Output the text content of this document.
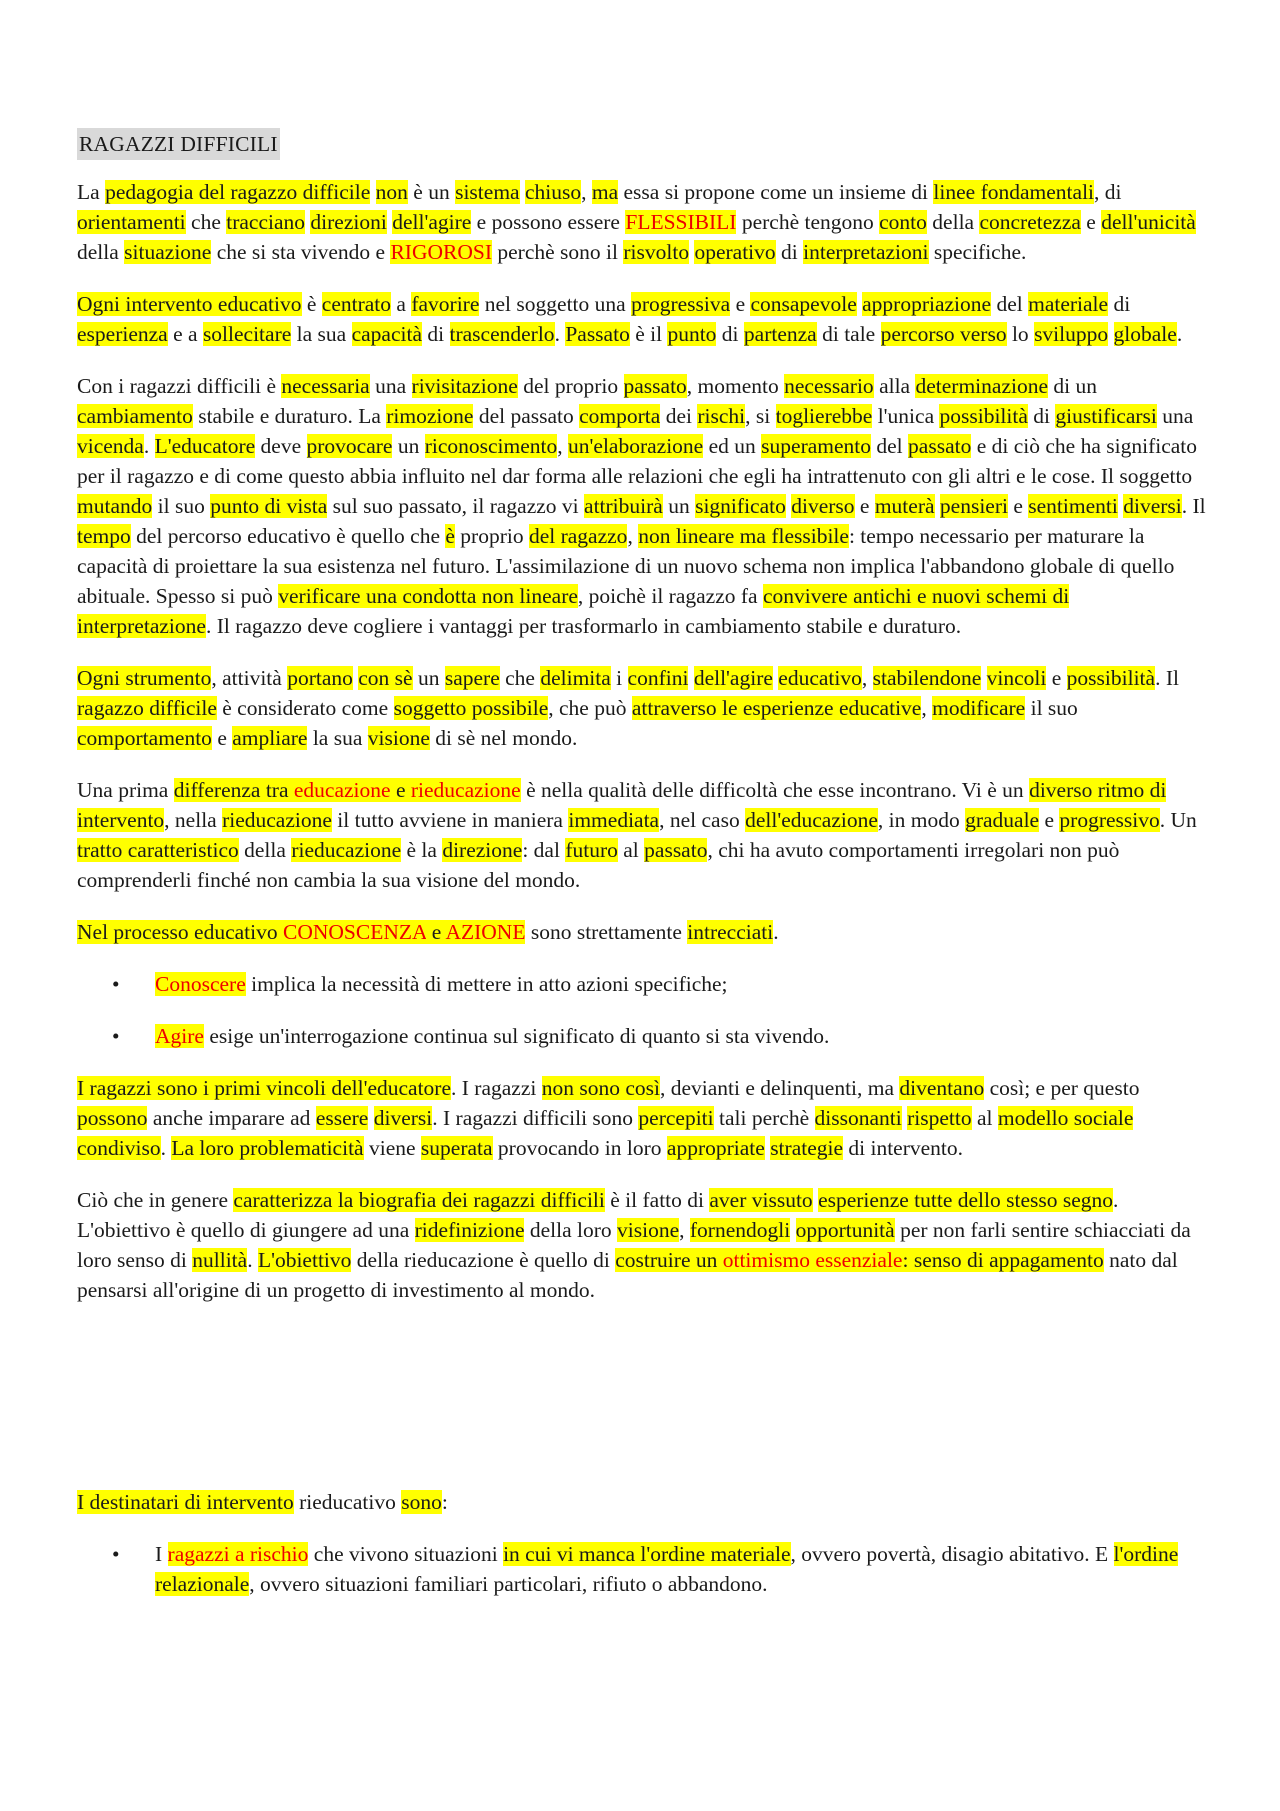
RAGAZZI DIFFICILI

La pedagogia del ragazzo difficile non è un sistema chiuso, ma essa si propone come un insieme di linee fondamentali, di orientamenti che tracciano direzioni dell'agire e possono essere FLESSIBILI perchè tengono conto della concretezza e dell'unicità della situazione che si sta vivendo e RIGOROSI perchè sono il risvolto operativo di interpretazioni specifiche.

Ogni intervento educativo è centrato a favorire nel soggetto una progressiva e consapevole appropriazione del materiale di esperienza e a sollecitare la sua capacità di trascenderlo. Passato è il punto di partenza di tale percorso verso lo sviluppo globale.

Con i ragazzi difficili è necessaria una rivisitazione del proprio passato, momento necessario alla determinazione di un cambiamento stabile e duraturo. La rimozione del passato comporta dei rischi, si toglierebbe l'unica possibilità di giustificarsi una vicenda. L'educatore deve provocare un riconoscimento, un'elaborazione ed un superamento del passato e di ciò che ha significato per il ragazzo e di come questo abbia influito nel dar forma alle relazioni che egli ha intrattenuto con gli altri e le cose. Il soggetto mutando il suo punto di vista sul suo passato, il ragazzo vi attribuirà un significato diverso e muterà pensieri e sentimenti diversi. Il tempo del percorso educativo è quello che è proprio del ragazzo, non lineare ma flessibile: tempo necessario per maturare la capacità di proiettare la sua esistenza nel futuro. L'assimilazione di un nuovo schema non implica l'abbandono globale di quello abituale. Spesso si può verificare una condotta non lineare, poichè il ragazzo fa convivere antichi e nuovi schemi di interpretazione. Il ragazzo deve cogliere i vantaggi per trasformarlo in cambiamento stabile e duraturo.

Ogni strumento, attività portano con sè un sapere che delimita i confini dell'agire educativo, stabilendone vincoli e possibilità. Il ragazzo difficile è considerato come soggetto possibile, che può attraverso le esperienze educative, modificare il suo comportamento e ampliare la sua visione di sè nel mondo.

Una prima differenza tra educazione e rieducazione è nella qualità delle difficoltà che esse incontrano. Vi è un diverso ritmo di intervento, nella rieducazione il tutto avviene in maniera immediata, nel caso dell'educazione, in modo graduale e progressivo. Un tratto caratteristico della rieducazione è la direzione: dal futuro al passato, chi ha avuto comportamenti irregolari non può comprenderli finché non cambia la sua visione del mondo.

Nel processo educativo CONOSCENZA e AZIONE sono strettamente intrecciati.

• Conoscere implica la necessità di mettere in atto azioni specifiche;
• Agire esige un'interrogazione continua sul significato di quanto si sta vivendo.

I ragazzi sono i primi vincoli dell'educatore. I ragazzi non sono così, devianti e delinquenti, ma diventano così; e per questo possono anche imparare ad essere diversi. I ragazzi difficili sono percepiti tali perchè dissonanti rispetto al modello sociale condiviso. La loro problematicità viene superata provocando in loro appropriate strategie di intervento.

Ciò che in genere caratterizza la biografia dei ragazzi difficili è il fatto di aver vissuto esperienze tutte dello stesso segno. L'obiettivo è quello di giungere ad una ridefinizione della loro visione, fornendogli opportunità per non farli sentire schiacciati da loro senso di nullità. L'obiettivo della rieducazione è quello di costruire un ottimismo essenziale: senso di appagamento nato dal pensarsi all'origine di un progetto di investimento al mondo.

I destinatari di intervento rieducativo sono:

• I ragazzi a rischio che vivono situazioni in cui vi manca l'ordine materiale, ovvero povertà, disagio abitativo. E l'ordine relazionale, ovvero situazioni familiari particolari, rifiuto o abbandono.
